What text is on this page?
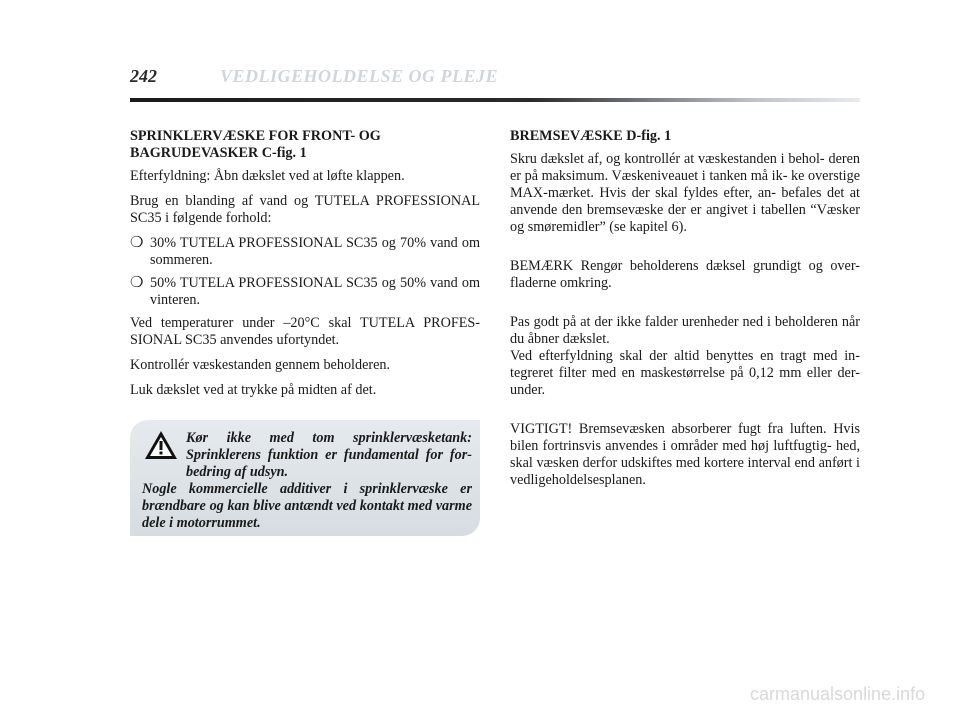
242	VEDLIGEHOLDELSE OG PLEJE

SPRINKLERVÆSKE FOR FRONT- OG
BAGRUDEVASKER C-fig. 1

Efterfyldning: Åbn dækslet ved at løfte klappen.

Brug en blanding af vand og TUTELA PROFESSIONAL SC35 i følgende forhold:

❍ 30% TUTELA PROFESSIONAL SC35 og 70% vand om sommeren.
❍ 50% TUTELA PROFESSIONAL SC35 og 50% vand om vinteren.

Ved temperaturer under –20°C skal TUTELA PROFES- SIONAL SC35 anvendes ufortyndet.

Kontrollér væskestanden gennem beholderen.

Luk dækslet ved at trykke på midten af det.

Kør ikke med tom sprinklervæsketank: Sprinklerens funktion er fundamental for for- bedring af udsyn.
Nogle kommercielle additiver i sprinklervæske er brændbare og kan blive antændt ved kontakt med varme dele i motorrummet.

BREMSEVÆSKE D-fig. 1

Skru dækslet af, og kontrollér at væskestanden i behol- deren er på maksimum. Væskeniveauet i tanken må ik- ke overstige MAX-mærket. Hvis der skal fyldes efter, an- befales det at anvende den bremsevæske der er angivet i tabellen “Væsker og smøremidler” (se kapitel 6).

BEMÆRK Rengør beholderens dæksel grundigt og over- fladerne omkring.

Pas godt på at der ikke falder urenheder ned i beholderen når du åbner dækslet.

Ved efterfyldning skal der altid benyttes en tragt med in- tegreret filter med en maskestørrelse på 0,12 mm eller der- under.

VIGTIGT! Bremsevæsken absorberer fugt fra luften. Hvis bilen fortrinsvis anvendes i områder med høj luftfugtig- hed, skal væsken derfor udskiftes med kortere interval end anført i vedligeholdelsesplanen.

carmanualsonline.info
